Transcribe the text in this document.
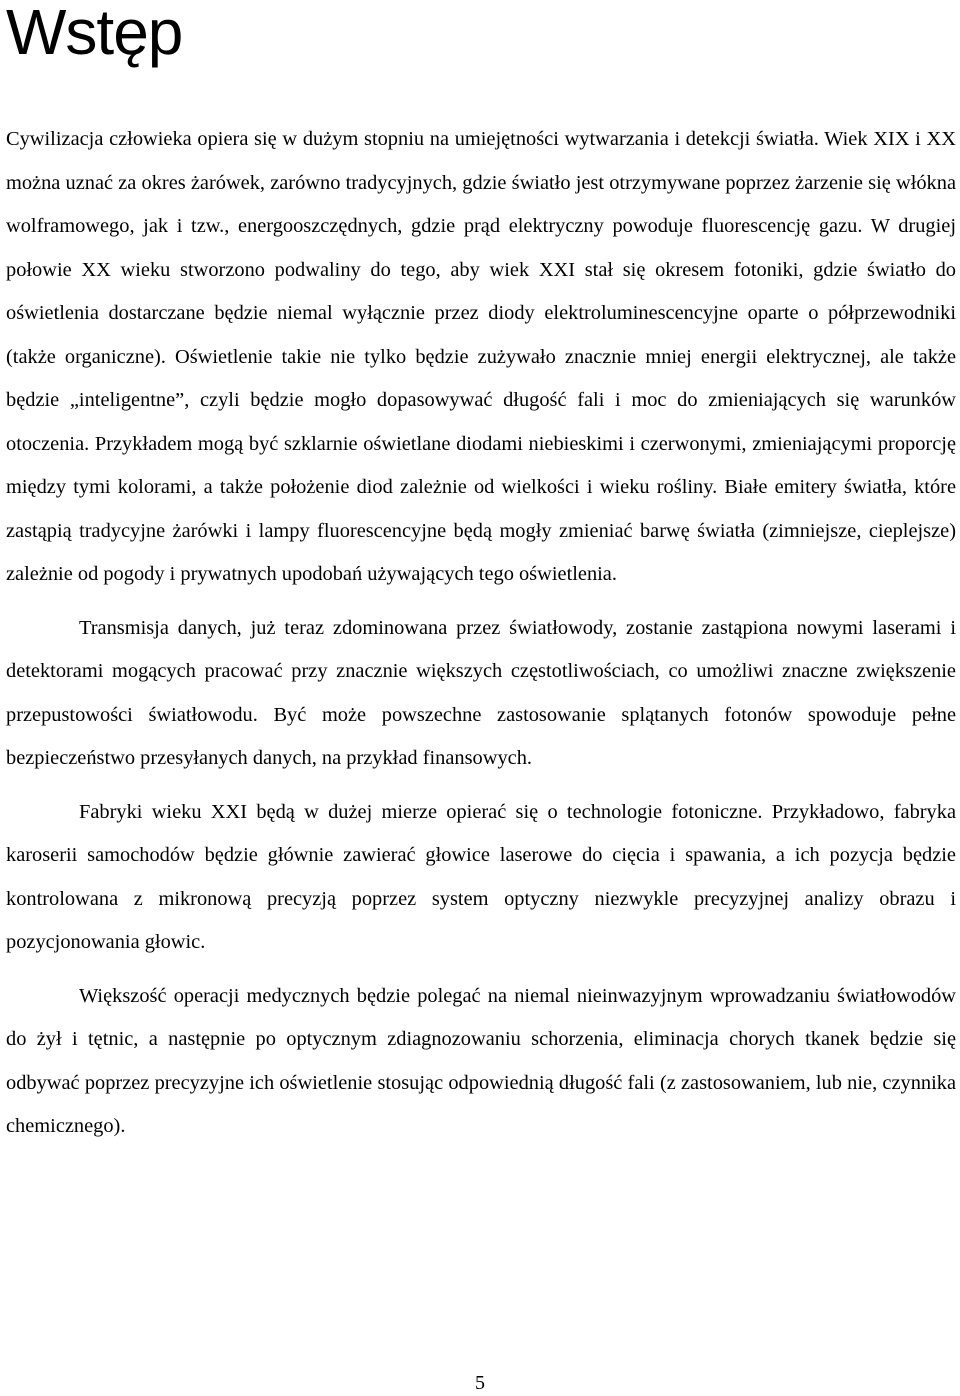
Wstęp

Cywilizacja człowieka opiera się w dużym stopniu na umiejętności wytwarzania i detekcji światła. Wiek XIX i XX można uznać za okres żarówek, zarówno tradycyjnych, gdzie światło jest otrzymywane poprzez żarzenie się włókna wolframowego, jak i tzw., energooszczędnych, gdzie prąd elektryczny powoduje fluorescencję gazu. W drugiej połowie XX wieku stworzono podwaliny do tego, aby wiek XXI stał się okresem fotoniki, gdzie światło do oświetlenia dostarczane będzie niemal wyłącznie przez diody elektroluminescencyjne oparte o półprzewodniki (także organiczne). Oświetlenie takie nie tylko będzie zużywało znacznie mniej energii elektrycznej, ale także będzie „inteligentne”, czyli będzie mogło dopasowywać długość fali i moc do zmieniających się warunków otoczenia. Przykładem mogą być szklarnie oświetlane diodami niebieskimi i czerwonymi, zmieniającymi proporcję między tymi kolorami, a także położenie diod zależnie od wielkości i wieku rośliny. Białe emitery światła, które zastąpią tradycyjne żarówki i lampy fluorescencyjne będą mogły zmieniać barwę światła (zimniejsze, cieplejsze) zależnie od pogody i prywatnych upodobań używających tego oświetlenia.

Transmisja danych, już teraz zdominowana przez światłowody, zostanie zastąpiona nowymi laserami i detektorami mogących pracować przy znacznie większych częstotliwościach, co umożliwi znaczne zwiększenie przepustowości światłowodu. Być może powszechne zastosowanie splątanych fotonów spowoduje pełne bezpieczeństwo przesyłanych danych, na przykład finansowych.

Fabryki wieku XXI będą w dużej mierze opierać się o technologie fotoniczne. Przykładowo, fabryka karoserii samochodów będzie głównie zawierać głowice laserowe do cięcia i spawania, a ich pozycja będzie kontrolowana z mikronową precyzją poprzez system optyczny niezwykle precyzyjnej analizy obrazu i pozycjonowania głowic.

Większość operacji medycznych będzie polegać na niemal nieinwazyjnym wprowadzaniu światłowodów do żył i tętnic, a następnie po optycznym zdiagnozowaniu schorzenia, eliminacja chorych tkanek będzie się odbywać poprzez precyzyjne ich oświetlenie stosując odpowiednią długość fali (z zastosowaniem, lub nie, czynnika chemicznego).

5
